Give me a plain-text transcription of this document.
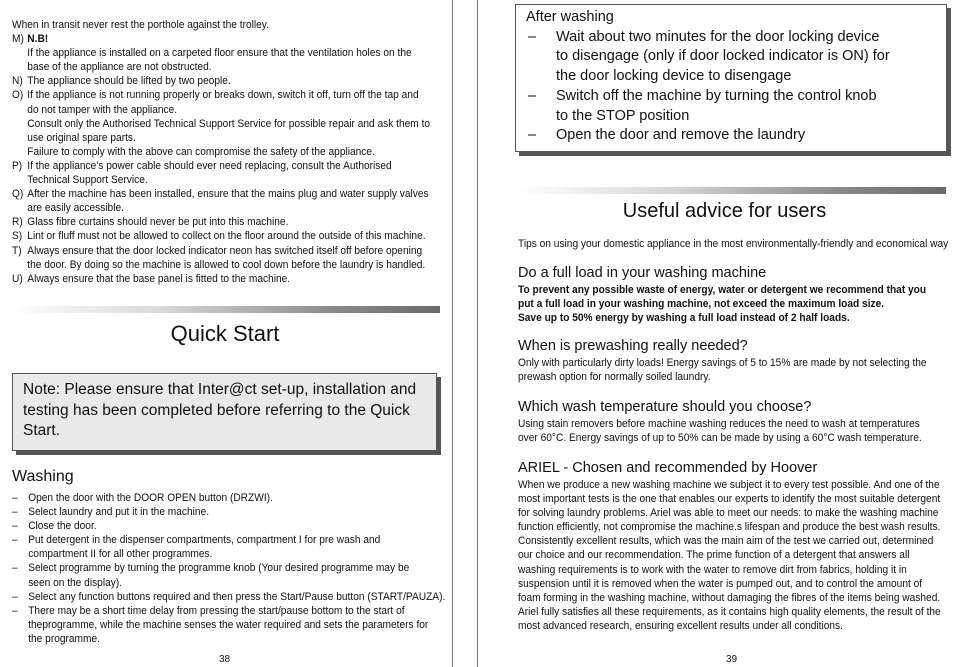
When in transit never rest the porthole against the trolley.
M) N.B!
If the appliance is installed on a carpeted floor ensure that the ventilation holes on the
base of the appliance are not obstructed.
N) The appliance should be lifted by two people.
O) If the appliance is not running properly or breaks down, switch it off, turn off the tap and
do not tamper with the appliance.
Consult only the Authorised Technical Support Service for possible repair and ask them to
use original spare parts.
Failure to comply with the above can compromise the safety of the appliance.
P) If the appliance’s power cable should ever need replacing, consult the Authorised
Technical Support Service.
Q) After the machine has been installed, ensure that the mains plug and water supply valves
are easily accessible.
R) Glass fibre curtains should never be put into this machine.
S) Lint or fluff must not be allowed to collect on the floor around the outside of this machine.
T) Always ensure that the door locked indicator neon has switched itself off before opening
the door. By doing so the machine is allowed to cool down before the laundry is handled.
U) Always ensure that the base panel is fitted to the machine.
Quick Start
Note: Please ensure that Inter@ct set-up, installation and testing has been completed before referring to the Quick Start.
Washing
– Open the door with the DOOR OPEN button (DRZWI).
– Select laundry and put it in the machine.
– Close the door.
– Put detergent in the dispenser compartments, compartment I for pre wash and
compartment II for all other programmes.
– Select programme by turning the programme knob (Your desired programme may be
seen on the display).
– Select any function buttons required and then press the Start/Pause button (START/PAUZA).
– There may be a short time delay from pressing the start/pause bottom to the start of
theprogramme, while the machine senses the water required and sets the parameters for
the programme.
38
After washing
– Wait about two minutes for the door locking device
to disengage (only if door locked indicator is ON) for
the door locking device to disengage
– Switch off the machine by turning the control knob
to the STOP position
– Open the door and remove the laundry
Useful advice for users
Tips on using your domestic appliance in the most environmentally-friendly and economical way
Do a full load in your washing machine
To prevent any possible waste of energy, water or detergent we recommend that you
put a full load in your washing machine, not exceed the maximum load size.
Save up to 50% energy by washing a full load instead of 2 half loads.
When is prewashing really needed?
Only with particularly dirty loads! Energy savings of 5 to 15% are made by not selecting the
prewash option for normally soiled laundry.
Which wash temperature should you choose?
Using stain removers before machine washing reduces the need to wash at temperatures
over 60°C. Energy savings of up to 50% can be made by using a 60°C wash temperature.
ARIEL - Chosen and recommended by Hoover
When we produce a new washing machine we subject it to every test possible. And one of the
most important tests is the one that enables our experts to identify the most suitable detergent
for solving laundry problems. Ariel was able to meet our needs: to make the washing machine
function efficiently, not compromise the machine.s lifespan and produce the best wash results.
Consistently excellent results, which was the main aim of the test we carried out, determined
our choice and our recommendation. The prime function of a detergent that answers all
washing requirements is to work with the water to remove dirt from fabrics, holding it in
suspension until it is removed when the water is pumped out, and to control the amount of
foam forming in the washing machine, without damaging the fibres of the items being washed.
Ariel fully satisfies all these requirements, as it contains high quality elements, the result of the
most advanced research, ensuring excellent results under all conditions.
39
